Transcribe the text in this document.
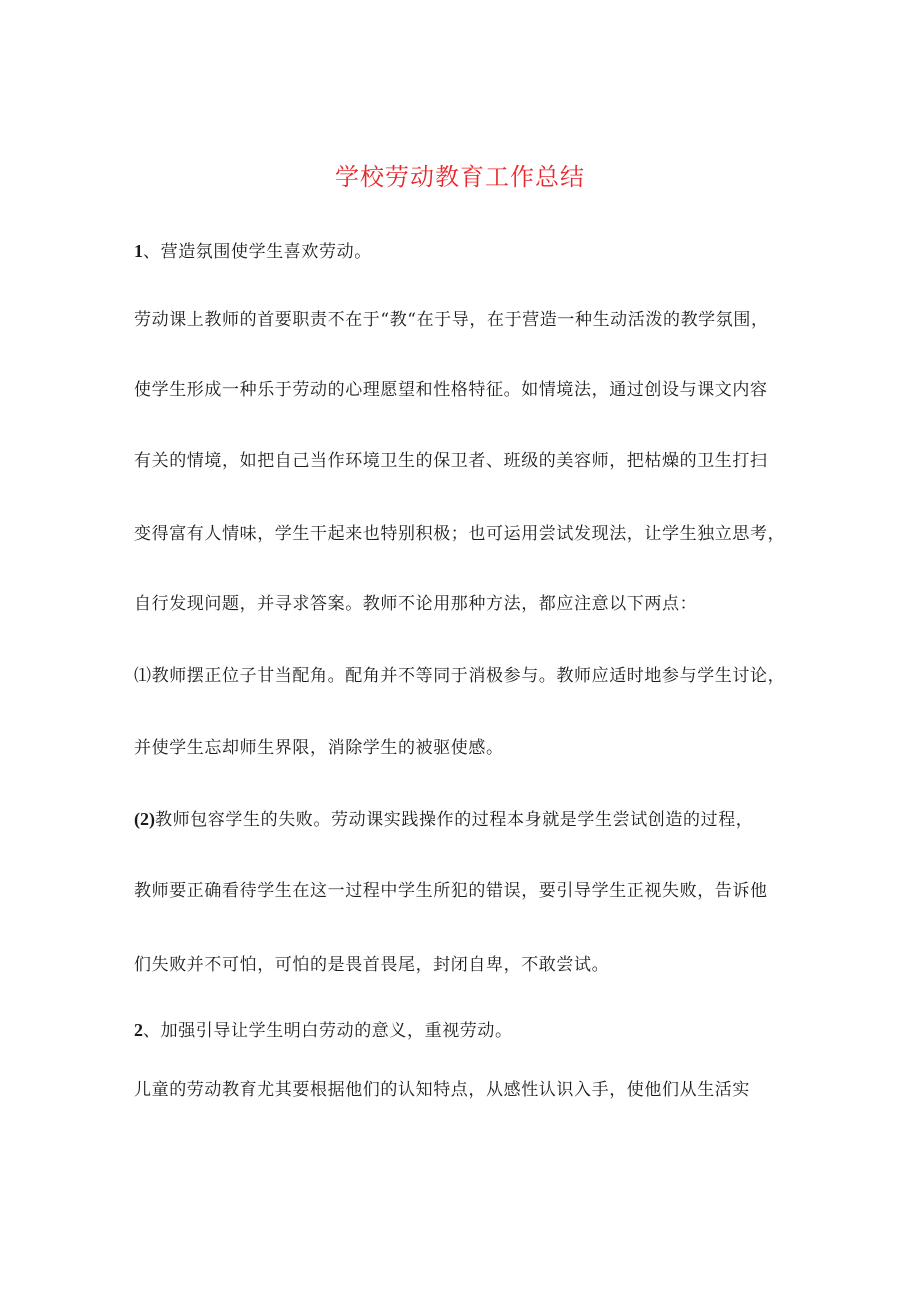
学校劳动教育工作总结
1、营造氛围使学生喜欢劳动。
劳动课上教师的首要职责不在于“教“在于导，在于营造一种生动活泼的教学氛围，
使学生形成一种乐于劳动的心理愿望和性格特征。如情境法，通过创设与课文内容
有关的情境，如把自己当作环境卫生的保卫者、班级的美容师，把枯燥的卫生打扫
变得富有人情味，学生干起来也特别积极；也可运用尝试发现法，让学生独立思考，
自行发现问题，并寻求答案。教师不论用那种方法，都应注意以下两点：
⑴教师摆正位子甘当配角。配角并不等同于消极参与。教师应适时地参与学生讨论，
并使学生忘却师生界限，消除学生的被驱使感。
(2)教师包容学生的失败。劳动课实践操作的过程本身就是学生尝试创造的过程，
教师要正确看待学生在这一过程中学生所犯的错误，要引导学生正视失败，告诉他
们失败并不可怕，可怕的是畏首畏尾，封闭自卑，不敢尝试。
2、加强引导让学生明白劳动的意义，重视劳动。
儿童的劳动教育尤其要根据他们的认知特点，从感性认识入手，使他们从生活实
